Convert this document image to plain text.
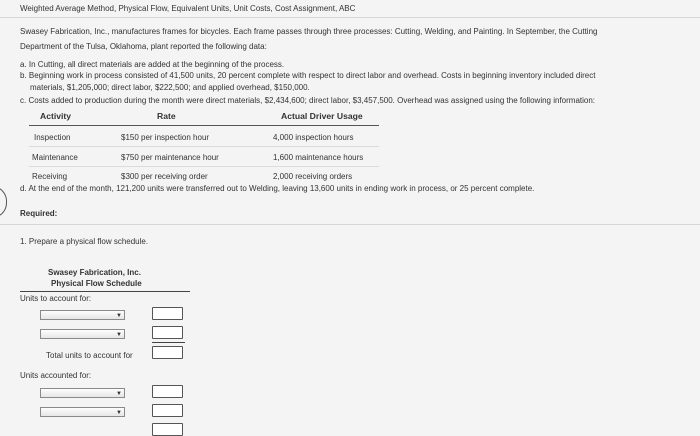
Weighted Average Method, Physical Flow, Equivalent Units, Unit Costs, Cost Assignment, ABC
Swasey Fabrication, Inc., manufactures frames for bicycles. Each frame passes through three processes: Cutting, Welding, and Painting. In September, the Cutting
Department of the Tulsa, Oklahoma, plant reported the following data:
a. In Cutting, all direct materials are added at the beginning of the process.
b. Beginning work in process consisted of 41,500 units, 20 percent complete with respect to direct labor and overhead. Costs in beginning inventory included direct
materials, $1,205,000; direct labor, $222,500; and applied overhead, $150,000.
c. Costs added to production during the month were direct materials, $2,434,600; direct labor, $3,457,500. Overhead was assigned using the following information:
Activity	Rate	Actual Driver Usage
Inspection	$150 per inspection hour	4,000 inspection hours
Maintenance	$750 per maintenance hour	1,600 maintenance hours
Receiving	$300 per receiving order	2,000 receiving orders
d. At the end of the month, 121,200 units were transferred out to Welding, leaving 13,600 units in ending work in process, or 25 percent complete.
Required:
1. Prepare a physical flow schedule.
Swasey Fabrication, Inc.
Physical Flow Schedule
Units to account for:
▼
▼
Total units to account for
Units accounted for:
▼
▼
